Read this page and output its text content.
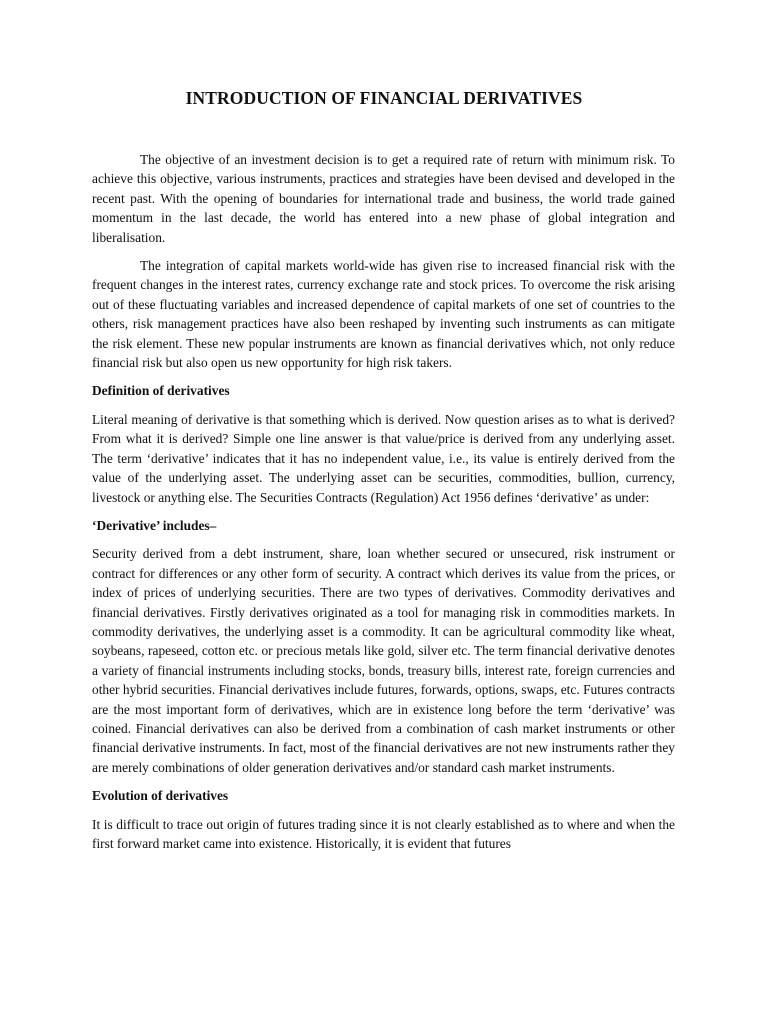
INTRODUCTION OF FINANCIAL DERIVATIVES

The objective of an investment decision is to get a required rate of return with minimum risk. To achieve this objective, various instruments, practices and strategies have been devised and developed in the recent past. With the opening of boundaries for international trade and business, the world trade gained momentum in the last decade, the world has entered into a new phase of global integration and liberalisation.

The integration of capital markets world-wide has given rise to increased financial risk with the frequent changes in the interest rates, currency exchange rate and stock prices. To overcome the risk arising out of these fluctuating variables and increased dependence of capital markets of one set of countries to the others, risk management practices have also been reshaped by inventing such instruments as can mitigate the risk element. These new popular instruments are known as financial derivatives which, not only reduce financial risk but also open us new opportunity for high risk takers.

Definition of derivatives

Literal meaning of derivative is that something which is derived. Now question arises as to what is derived? From what it is derived? Simple one line answer is that value/price is derived from any underlying asset. The term ‘derivative’ indicates that it has no independent value, i.e., its value is entirely derived from the value of the underlying asset. The underlying asset can be securities, commodities, bullion, currency, livestock or anything else. The Securities Contracts (Regulation) Act 1956 defines ‘derivative’ as under:

‘Derivative’ includes–

Security derived from a debt instrument, share, loan whether secured or unsecured, risk instrument or contract for differences or any other form of security. A contract which derives its value from the prices, or index of prices of underlying securities. There are two types of derivatives. Commodity derivatives and financial derivatives. Firstly derivatives originated as a tool for managing risk in commodities markets. In commodity derivatives, the underlying asset is a commodity. It can be agricultural commodity like wheat, soybeans, rapeseed, cotton etc. or precious metals like gold, silver etc. The term financial derivative denotes a variety of financial instruments including stocks, bonds, treasury bills, interest rate, foreign currencies and other hybrid securities. Financial derivatives include futures, forwards, options, swaps, etc. Futures contracts are the most important form of derivatives, which are in existence long before the term ‘derivative’ was coined. Financial derivatives can also be derived from a combination of cash market instruments or other financial derivative instruments. In fact, most of the financial derivatives are not new instruments rather they are merely combinations of older generation derivatives and/or standard cash market instruments.

Evolution of derivatives

It is difficult to trace out origin of futures trading since it is not clearly established as to where and when the first forward market came into existence. Historically, it is evident that futures
